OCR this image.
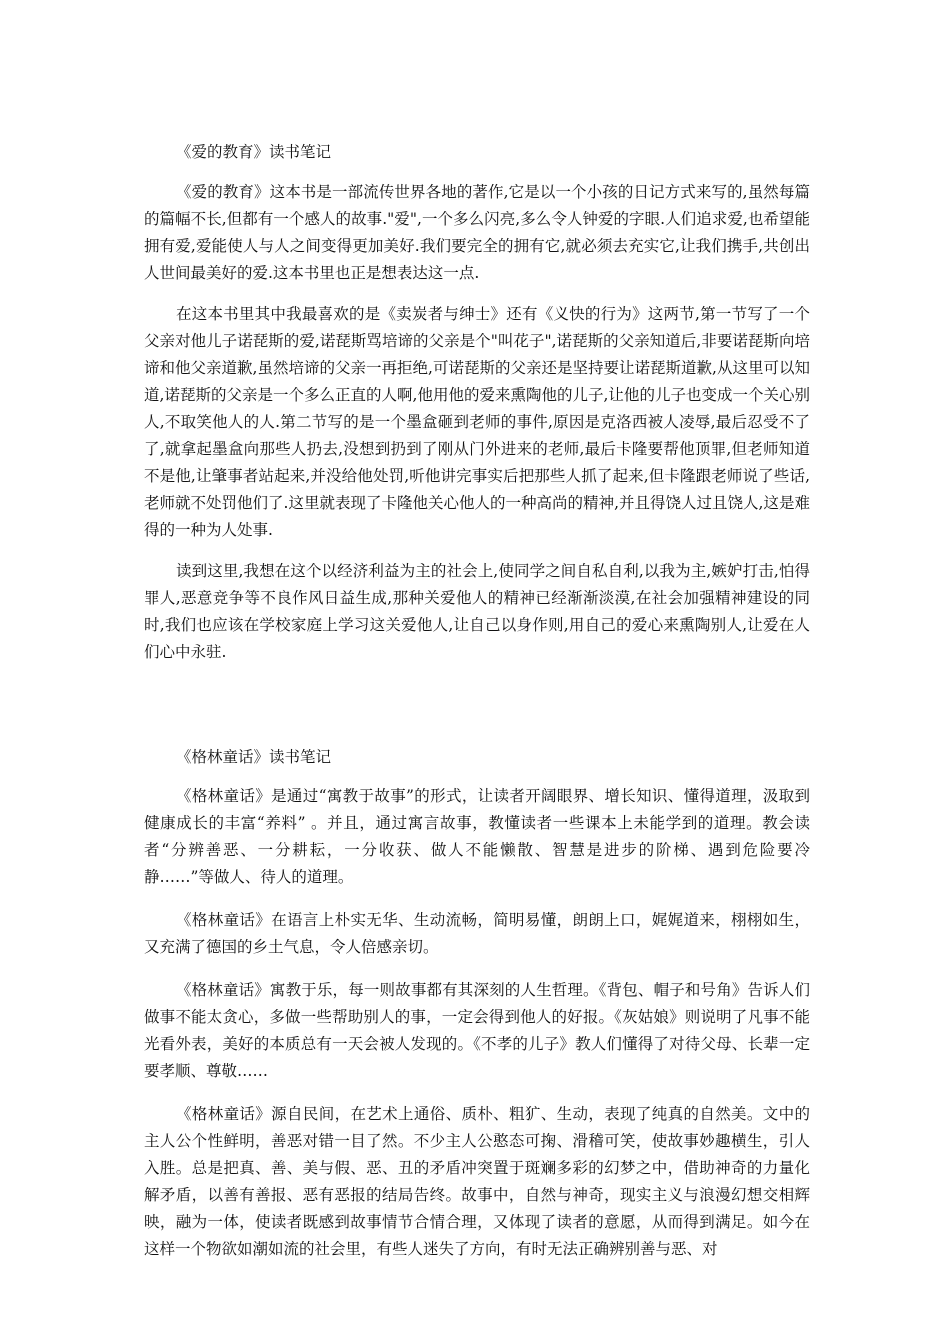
《爱的教育》读书笔记

《爱的教育》这本书是一部流传世界各地的著作,它是以一个小孩的日记方式来写的,虽然每篇的篇幅不长,但都有一个感人的故事."爱",一个多么闪亮,多么令人钟爱的字眼.人们追求爱,也希望能拥有爱,爱能使人与人之间变得更加美好.我们要完全的拥有它,就必须去充实它,让我们携手,共创出人世间最美好的爱.这本书里也正是想表达这一点.

在这本书里其中我最喜欢的是《卖炭者与绅士》还有《义快的行为》这两节,第一节写了一个父亲对他儿子诺琵斯的爱,诺琵斯骂培谛的父亲是个"叫花子",诺琵斯的父亲知道后,非要诺琵斯向培谛和他父亲道歉,虽然培谛的父亲一再拒绝,可诺琵斯的父亲还是坚持要让诺琵斯道歉,从这里可以知道,诺琵斯的父亲是一个多么正直的人啊,他用他的爱来熏陶他的儿子,让他的儿子也变成一个关心别人,不取笑他人的人.第二节写的是一个墨盒砸到老师的事件,原因是克洛西被人凌辱,最后忍受不了了,就拿起墨盒向那些人扔去,没想到扔到了刚从门外进来的老师,最后卡隆要帮他顶罪,但老师知道不是他,让肇事者站起来,并没给他处罚,听他讲完事实后把那些人抓了起来,但卡隆跟老师说了些话,老师就不处罚他们了.这里就表现了卡隆他关心他人的一种高尚的精神,并且得饶人过且饶人,这是难得的一种为人处事.

读到这里,我想在这个以经济利益为主的社会上,使同学之间自私自利,以我为主,嫉妒打击,怕得罪人,恶意竞争等不良作风日益生成,那种关爱他人的精神已经渐渐淡漠,在社会加强精神建设的同时,我们也应该在学校家庭上学习这关爱他人,让自己以身作则,用自己的爱心来熏陶别人,让爱在人们心中永驻.

《格林童话》读书笔记

《格林童话》是通过“寓教于故事”的形式，让读者开阔眼界、增长知识、懂得道理，汲取到健康成长的丰富“养料” 。并且，通过寓言故事，教懂读者一些课本上未能学到的道理。教会读者“分辨善恶、一分耕耘，一分收获、做人不能懒散、智慧是进步的阶梯、遇到危险要冷静……”等做人、待人的道理。

《格林童话》在语言上朴实无华、生动流畅，简明易懂，朗朗上口，娓娓道来，栩栩如生，又充满了德国的乡土气息，令人倍感亲切。

《格林童话》寓教于乐，每一则故事都有其深刻的人生哲理。《背包、帽子和号角》告诉人们做事不能太贪心，多做一些帮助别人的事，一定会得到他人的好报。《灰姑娘》则说明了凡事不能光看外表，美好的本质总有一天会被人发现的。《不孝的儿子》教人们懂得了对待父母、长辈一定要孝顺、尊敬……

《格林童话》源自民间，在艺术上通俗、质朴、粗犷、生动，表现了纯真的自然美。文中的主人公个性鲜明，善恶对错一目了然。不少主人公憨态可掬、滑稽可笑，使故事妙趣横生，引人入胜。总是把真、善、美与假、恶、丑的矛盾冲突置于斑斓多彩的幻梦之中，借助神奇的力量化解矛盾，以善有善报、恶有恶报的结局告终。故事中，自然与神奇，现实主义与浪漫幻想交相辉映，融为一体，使读者既感到故事情节合情合理，又体现了读者的意愿，从而得到满足。如今在这样一个物欲如潮如流的社会里，有些人迷失了方向，有时无法正确辨别善与恶、对
